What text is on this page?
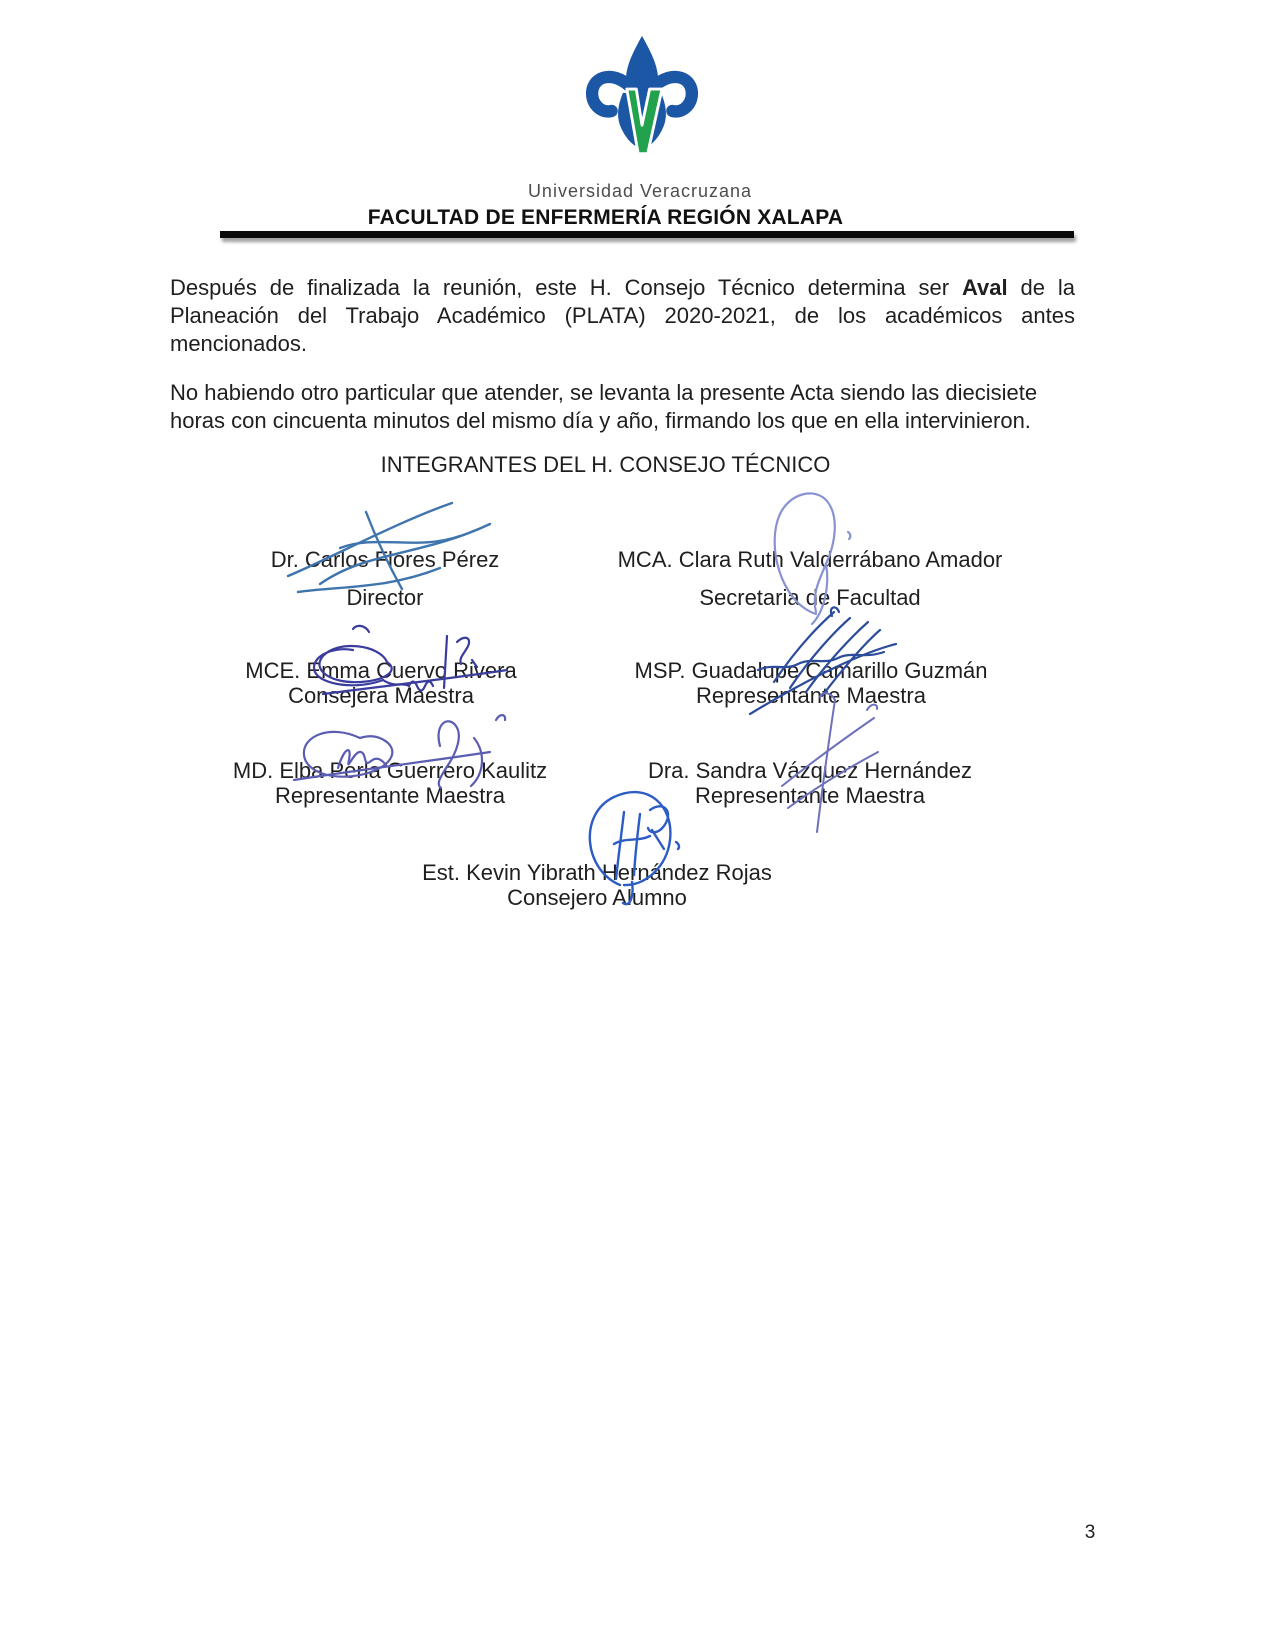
Universidad Veracruzana
FACULTAD DE ENFERMERÍA REGIÓN XALAPA

Después de finalizada la reunión, este H. Consejo Técnico determina ser Aval de la Planeación del Trabajo Académico (PLATA) 2020-2021, de los académicos antes mencionados.

No habiendo otro particular que atender, se levanta la presente Acta siendo las diecisiete horas con cincuenta minutos del mismo día y año, firmando los que en ella intervinieron.

INTEGRANTES DEL H. CONSEJO TÉCNICO
Dr. Carlos Flores Pérez
Director
MCA. Clara Ruth Valderrábano Amador
Secretaria de Facultad
MCE. Emma Cuervo Rivera
Consejera Maestra
MSP. Guadalupe Camarillo Guzmán
Representante Maestra
MD. Elba Perla Guerrero Kaulitz
Representante Maestra
Dra. Sandra Vázquez Hernández
Representante Maestra
Est. Kevin Yibrath Hernández Rojas
Consejero Alumno
3
